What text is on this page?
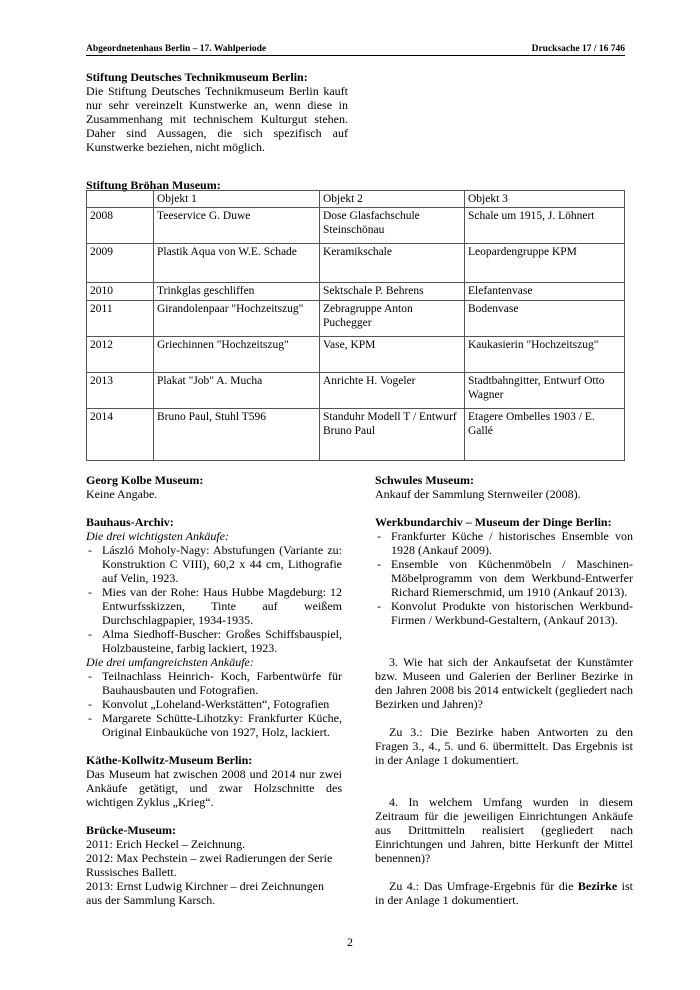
Abgeordnetenhaus Berlin – 17. Wahlperiode	Drucksache 17 / 16 746

Stiftung Deutsches Technikmuseum Berlin:

Die Stiftung Deutsches Technikmuseum Berlin kauft nur sehr vereinzelt Kunstwerke an, wenn diese in Zusammenhang mit technischem Kulturgut stehen. Daher sind Aussagen, die sich spezifisch auf Kunstwerke beziehen, nicht möglich.

Stiftung Bröhan Museum:
	Objekt 1	Objekt 2	Objekt 3
2008	Teeservice G. Duwe	Dose Glasfachschule Steinschönau	Schale um 1915, J. Löhnert
2009	Plastik Aqua von W.E. Schade	Keramikschale	Leopardengruppe KPM
2010	Trinkglas geschliffen	Sektschale P. Behrens	Elefantenvase
2011	Girandolenpaar "Hochzeitszug"	Zebragruppe Anton Puchegger	Bodenvase
2012	Griechinnen "Hochzeitszug"	Vase, KPM	Kaukasierin "Hochzeitszug"
2013	Plakat "Job" A. Mucha	Anrichte H. Vogeler	Stadtbahngitter, Entwurf Otto Wagner
2014	Bruno Paul, Stuhl T596	Standuhr Modell T / Entwurf Bruno Paul	Etagere Ombelles 1903 / E. Gallé

Georg Kolbe Museum:

Keine Angabe.

Bauhaus-Archiv:

Die drei wichtigsten Ankäufe:

- László Moholy-Nagy: Abstufungen (Variante zu: Konstruktion C VIII), 60,2 x 44 cm, Lithografie auf Velin, 1923.
- Mies van der Rohe: Haus Hubbe Magdeburg: 12 Entwurfsskizzen, Tinte auf weißem Durchschlagpapier, 1934-1935.
- Alma Siedhoff-Buscher: Großes Schiffsbauspiel, Holzbausteine, farbig lackiert, 1923.

Die drei umfangreichsten Ankäufe:

- Teilnachlass Heinrich- Koch, Farbentwürfe für Bauhausbauten und Fotografien.
- Konvolut „Loheland-Werkstätten“, Fotografien
- Margarete Schütte-Lihotzky: Frankfurter Küche, Original Einbauküche von 1927, Holz, lackiert.

Käthe-Kollwitz-Museum Berlin:

Das Museum hat zwischen 2008 und 2014 nur zwei Ankäufe getätigt, und zwar Holzschnitte des wichtigen Zyklus „Krieg“.

Brücke-Museum:

2011: Erich Heckel – Zeichnung.

2012: Max Pechstein – zwei Radierungen der Serie Russisches Ballett.

2013: Ernst Ludwig Kirchner – drei Zeichnungen aus der Sammlung Karsch.

Schwules Museum:

Ankauf der Sammlung Sternweiler (2008).

Werkbundarchiv – Museum der Dinge Berlin:

- Frankfurter Küche / historisches Ensemble von 1928 (Ankauf 2009).
- Ensemble von Küchenmöbeln / Maschinen-Möbelprogramm von dem Werkbund-Entwerfer Richard Riemerschmid, um 1910 (Ankauf 2013).
- Konvolut Produkte von historischen Werkbund-Firmen / Werkbund-Gestaltern, (Ankauf 2013).

3. Wie hat sich der Ankaufsetat der Kunstämter bzw. Museen und Galerien der Berliner Bezirke in den Jahren 2008 bis 2014 entwickelt (gegliedert nach Bezirken und Jahren)?

Zu 3.: Die Bezirke haben Antworten zu den Fragen 3., 4., 5. und 6. übermittelt. Das Ergebnis ist in der Anlage 1 dokumentiert.

4. In welchem Umfang wurden in diesem Zeitraum für die jeweiligen Einrichtungen Ankäufe aus Drittmitteln realisiert (gegliedert nach Einrichtungen und Jahren, bitte Herkunft der Mittel benennen)?

Zu 4.: Das Umfrage-Ergebnis für die Bezirke ist in der Anlage 1 dokumentiert.

2
